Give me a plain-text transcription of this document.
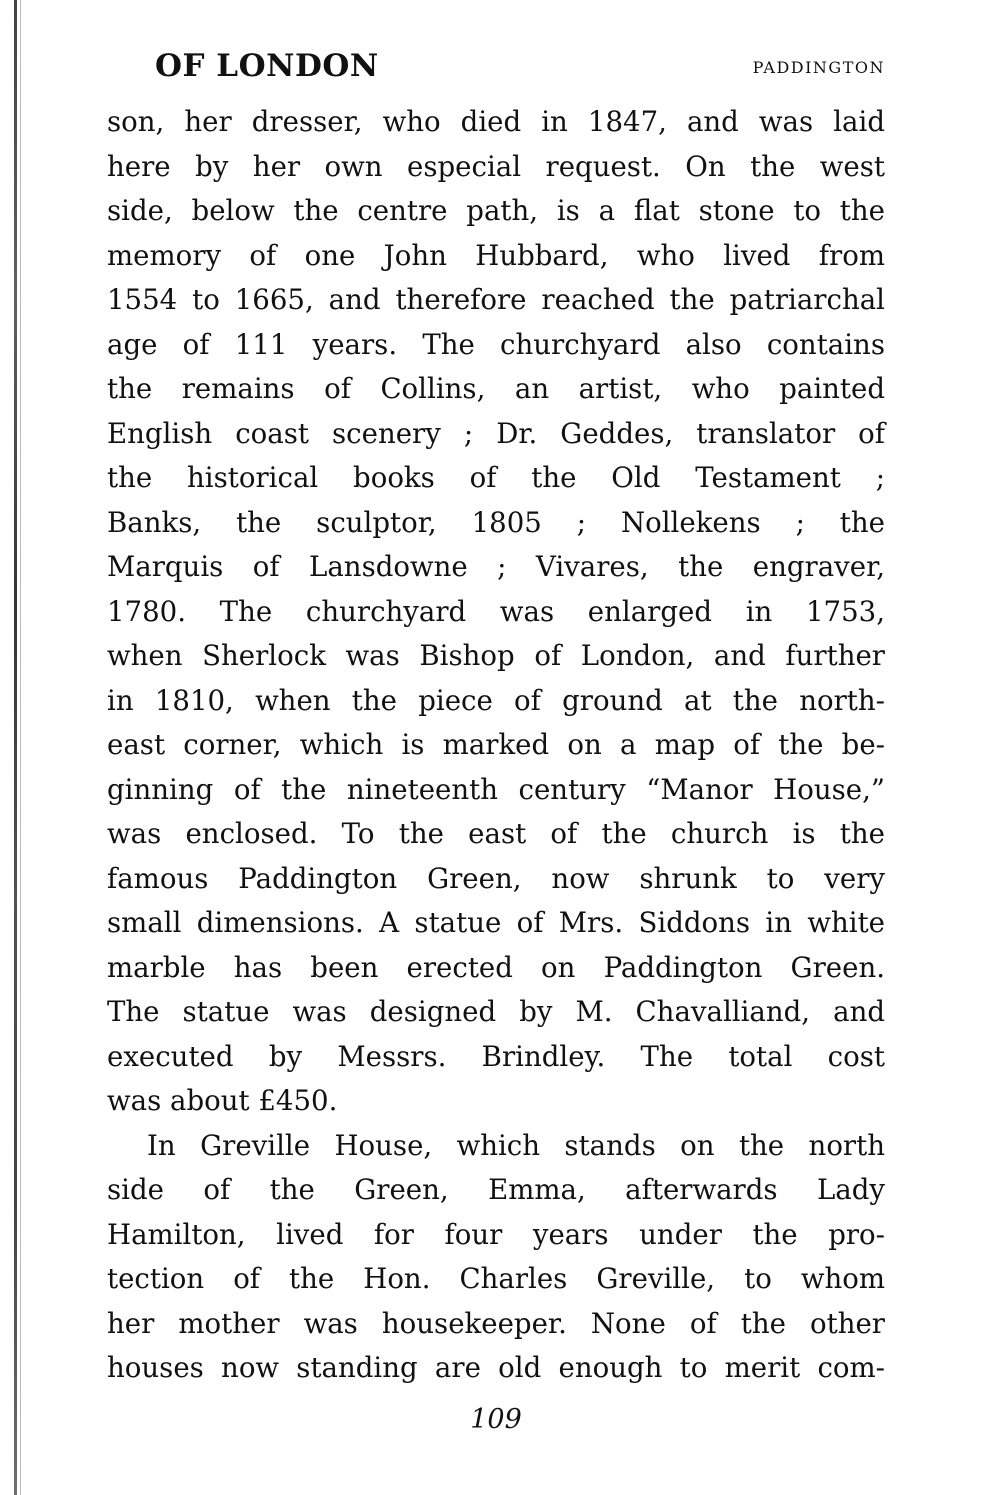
OF LONDON	PADDINGTON
son, her dresser, who died in 1847, and was laid
here by her own especial request. On the west
side, below the centre path, is a flat stone to the
memory of one John Hubbard, who lived from
1554 to 1665, and therefore reached the patriarchal
age of 111 years. The churchyard also contains
the remains of Collins, an artist, who painted
English coast scenery ; Dr. Geddes, translator of
the historical books of the Old Testament ;
Banks, the sculptor, 1805 ; Nollekens ; the
Marquis of Lansdowne ; Vivares, the engraver,
1780. The churchyard was enlarged in 1753,
when Sherlock was Bishop of London, and further
in 1810, when the piece of ground at the north-
east corner, which is marked on a map of the be-
ginning of the nineteenth century “Manor House,”
was enclosed. To the east of the church is the
famous Paddington Green, now shrunk to very
small dimensions. A statue of Mrs. Siddons in white
marble has been erected on Paddington Green.
The statue was designed by M. Chavalliand, and
executed by Messrs. Brindley. The total cost
was about £450.
In Greville House, which stands on the north
side of the Green, Emma, afterwards Lady
Hamilton, lived for four years under the pro-
tection of the Hon. Charles Greville, to whom
her mother was housekeeper. None of the other
houses now standing are old enough to merit com-
109
